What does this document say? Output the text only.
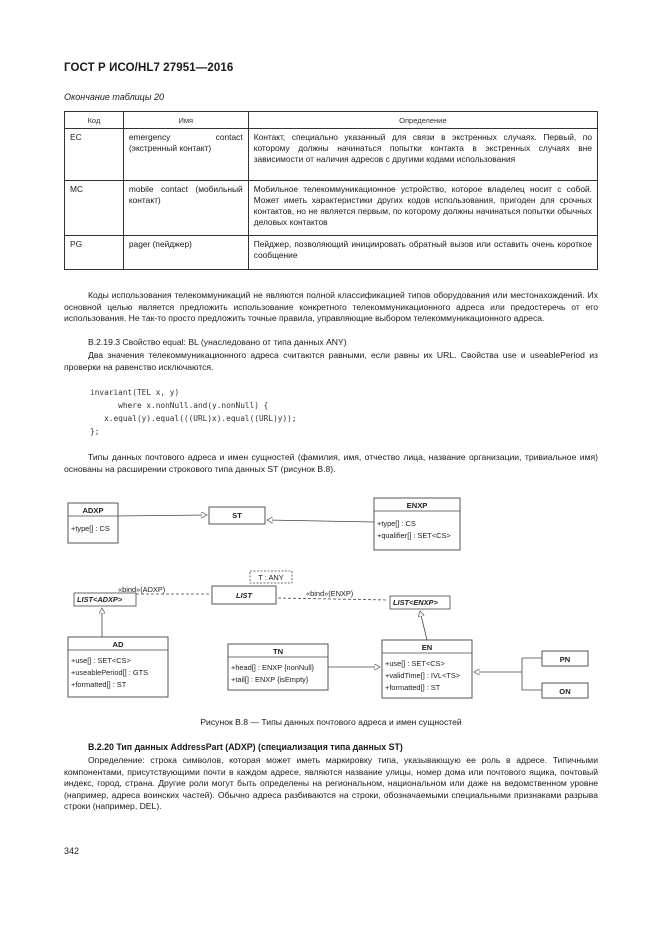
ГОСТ Р ИСО/HL7 27951—2016
Окончание таблицы 20
Код	Имя	Определение
EC	emergency contact (экстренный контакт)	Контакт, специально указанный для связи в экстренных случаях. Первый, по которому должны начинаться попытки контакта в экстренных случаях вне зависимости от наличия адресов с другими кодами использования
MC	mobile contact (мобильный контакт)	Мобильное телекоммуникационное устройство, которое владелец носит с собой. Может иметь характеристики других кодов использования, пригоден для срочных контактов, но не является первым, по которому должны начинаться попытки обычных деловых контактов
PG	pager (пейджер)	Пейджер, позволяющий инициировать обратный вызов или оставить очень короткое сообщение
Коды использования телекоммуникаций не являются полной классификацией типов оборудования или местонахождений. Их основной целью является предложить использование конкретного телекоммуникационного адреса или предостеречь от его использования. Не так-то просто предложить точные правила, управляющие выбором телекоммуникационного адреса.
В.2.19.3 Свойство equal: BL (унаследовано от типа данных ANY)
Два значения телекоммуникационного адреса считаются равными, если равны их URL. Свойства use и useablePeriod из проверки на равенство исключаются.
invariant(TEL x, y)
where x.nonNull.and(y.nonNull) {
x.equal(y).equal(((URL)x).equal((URL)y));
};
Типы данных почтового адреса и имен сущностей (фамилия, имя, отчество лица, название организации, тривиальное имя) основаны на расширении строкового типа данных ST (рисунок В.8).
ADXP
+type[] : CS
ST
ENXP
+type[] : CS
+qualifier[] : SET<CS>
LIST
T : ANY
LIST<ADXP>	LIST<ENXP>
«bind»(ADXP)	«bind»(ENXP)
AD
+use[] : SET<CS>
+useablePeriod[] : GTS
+formatted[] : ST
TN
+head[] : ENXP {nonNull}
+tail[] : ENXP {isEmpty}
EN
+use[] : SET<CS>
+validTime[] : IVL<TS>
+formatted[] : ST
PN
ON
Рисунок В.8 — Типы данных почтового адреса и имен сущностей
В.2.20 Тип данных AddressPart (ADXP) (специализация типа данных ST)
Определение: строка символов, которая может иметь маркировку типа, указывающую ее роль в адресе. Типичными компонентами, присутствующими почти в каждом адресе, являются название улицы, номер дома или почтового ящика, почтовый индекс, город, страна. Другие роли могут быть определены на региональном, национальном или даже на ведомственном уровне (например, адреса воинских частей). Обычно адреса разбиваются на строки, обозначаемыми специальными признаками разрыва строки (например, DEL).
342
